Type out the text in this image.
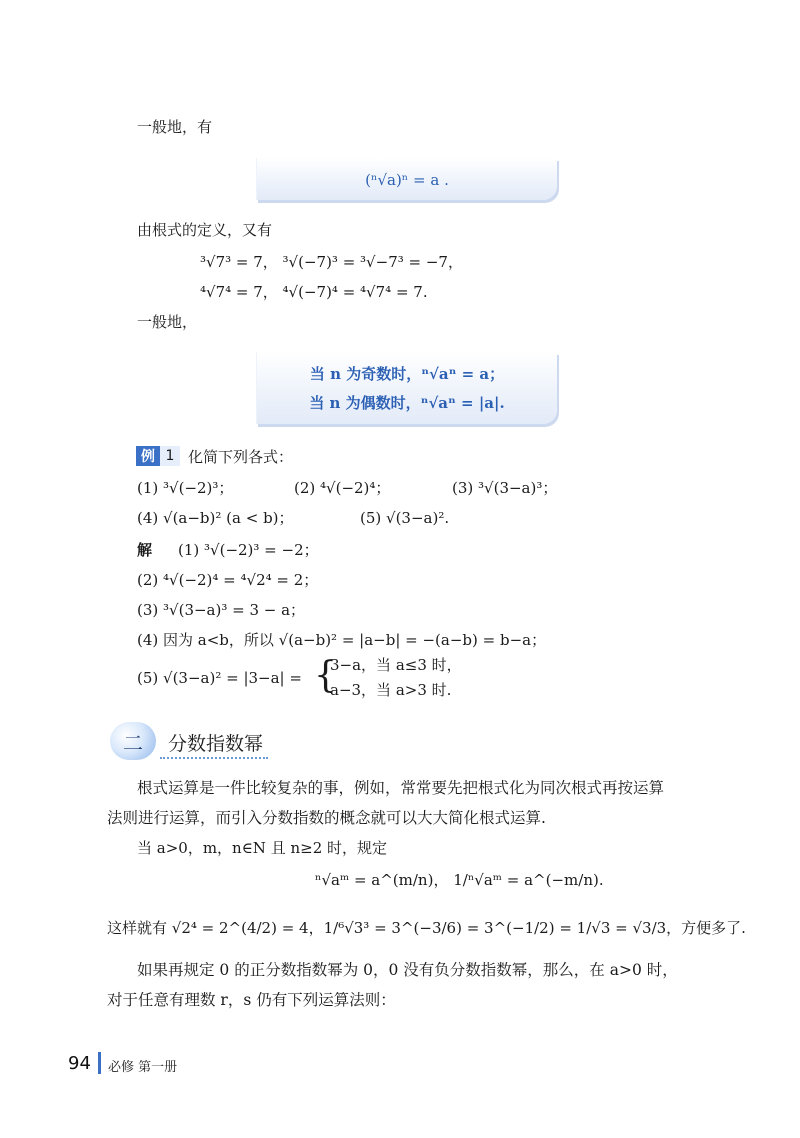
一般地，有
(ⁿ√a)ⁿ = a .
由根式的定义，又有
³√7³ = 7， ³√(−7)³ = ³√−7³ = −7，
⁴√7⁴ = 7， ⁴√(−7)⁴ = ⁴√7⁴ = 7.
一般地，
当 n 为奇数时，ⁿ√aⁿ = a；
当 n 为偶数时，ⁿ√aⁿ = |a|.
例 1 化简下列各式：
(1) ³√(−2)³；	(2) ⁴√(−2)⁴；	(3) ³√(3−a)³；
(4) √(a−b)² (a < b)；	(5) √(3−a)².
解 (1) ³√(−2)³ = −2；
(2) ⁴√(−2)⁴ = ⁴√2⁴ = 2；
(3) ³√(3−a)³ = 3 − a；
(4) 因为 a<b，所以 √(a−b)² = |a−b| = −(a−b) = b−a；
(5) √(3−a)² = |3−a| = {
3−a，当 a≤3 时，
a−3，当 a>3 时.
二 分数指数幂
根式运算是一件比较复杂的事，例如，常常要先把根式化为同次根式再按运算
法则进行运算，而引入分数指数的概念就可以大大简化根式运算.
当 a>0，m，n∈N 且 n≥2 时，规定
ⁿ√aᵐ = a^(m/n)， 1/ⁿ√aᵐ = a^(−m/n).
这样就有 √2⁴ = 2^(4/2) = 4，1/⁶√3³ = 3^(−3/6) = 3^(−1/2) = 1/√3 = √3/3，方便多了.
如果再规定 0 的正分数指数幂为 0，0 没有负分数指数幂，那么，在 a>0 时，
对于任意有理数 r，s 仍有下列运算法则：
94 必修 第一册
